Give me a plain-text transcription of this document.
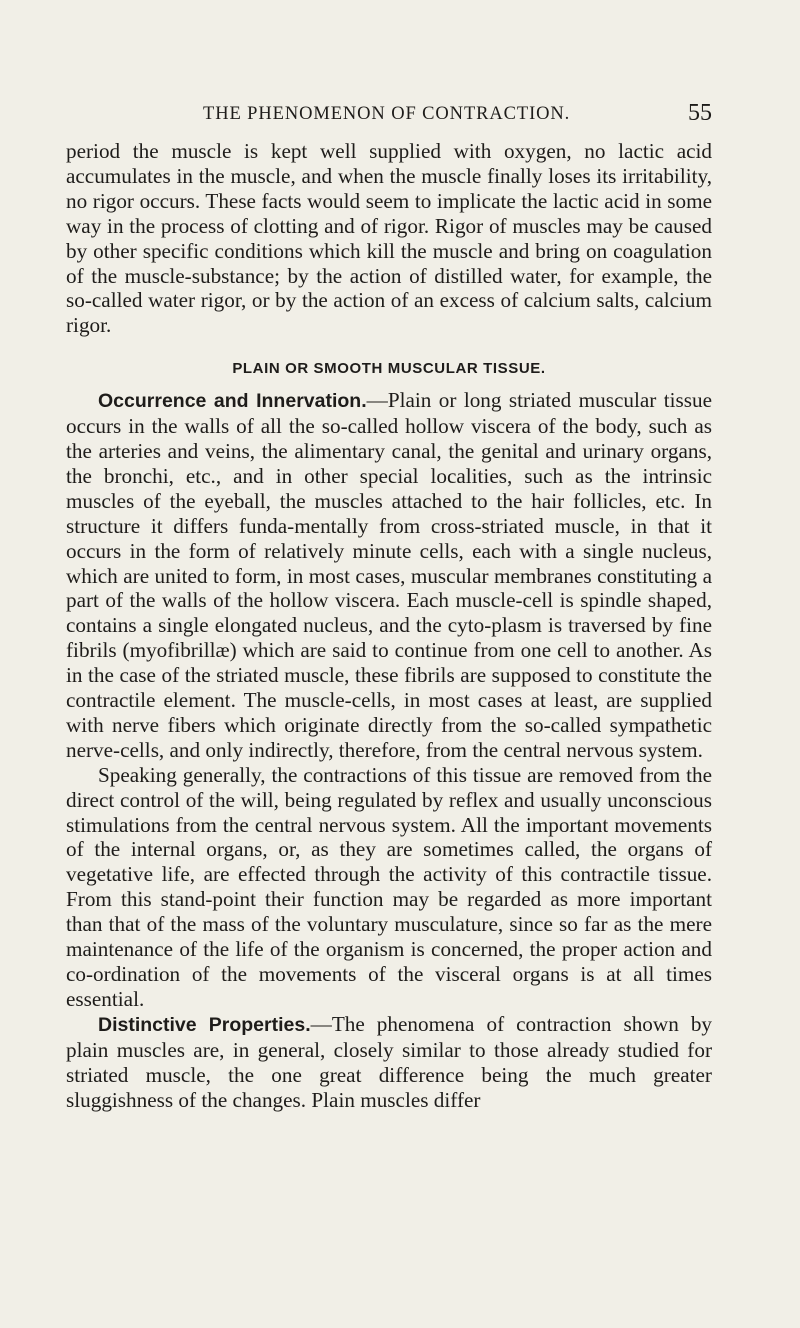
THE PHENOMENON OF CONTRACTION.	55

period the muscle is kept well supplied with oxygen, no lactic acid accumulates in the muscle, and when the muscle finally loses its irritability, no rigor occurs. These facts would seem to implicate the lactic acid in some way in the process of clotting and of rigor. Rigor of muscles may be caused by other specific conditions which kill the muscle and bring on coagulation of the muscle-substance; by the action of distilled water, for example, the so-called water rigor, or by the action of an excess of calcium salts, calcium rigor.

PLAIN OR SMOOTH MUSCULAR TISSUE.

Occurrence and Innervation.—Plain or long striated muscular tissue occurs in the walls of all the so-called hollow viscera of the body, such as the arteries and veins, the alimentary canal, the genital and urinary organs, the bronchi, etc., and in other special localities, such as the intrinsic muscles of the eyeball, the muscles attached to the hair follicles, etc. In structure it differs funda-mentally from cross-striated muscle, in that it occurs in the form of relatively minute cells, each with a single nucleus, which are united to form, in most cases, muscular membranes constituting a part of the walls of the hollow viscera. Each muscle-cell is spindle shaped, contains a single elongated nucleus, and the cyto-plasm is traversed by fine fibrils (myofibrillæ) which are said to continue from one cell to another. As in the case of the striated muscle, these fibrils are supposed to constitute the contractile element. The muscle-cells, in most cases at least, are supplied with nerve fibers which originate directly from the so-called sympathetic nerve-cells, and only indirectly, therefore, from the central nervous system.

Speaking generally, the contractions of this tissue are removed from the direct control of the will, being regulated by reflex and usually unconscious stimulations from the central nervous system. All the important movements of the internal organs, or, as they are sometimes called, the organs of vegetative life, are effected through the activity of this contractile tissue. From this stand-point their function may be regarded as more important than that of the mass of the voluntary musculature, since so far as the mere maintenance of the life of the organism is concerned, the proper action and co-ordination of the movements of the visceral organs is at all times essential.

Distinctive Properties.—The phenomena of contraction shown by plain muscles are, in general, closely similar to those already studied for striated muscle, the one great difference being the much greater sluggishness of the changes. Plain muscles differ
